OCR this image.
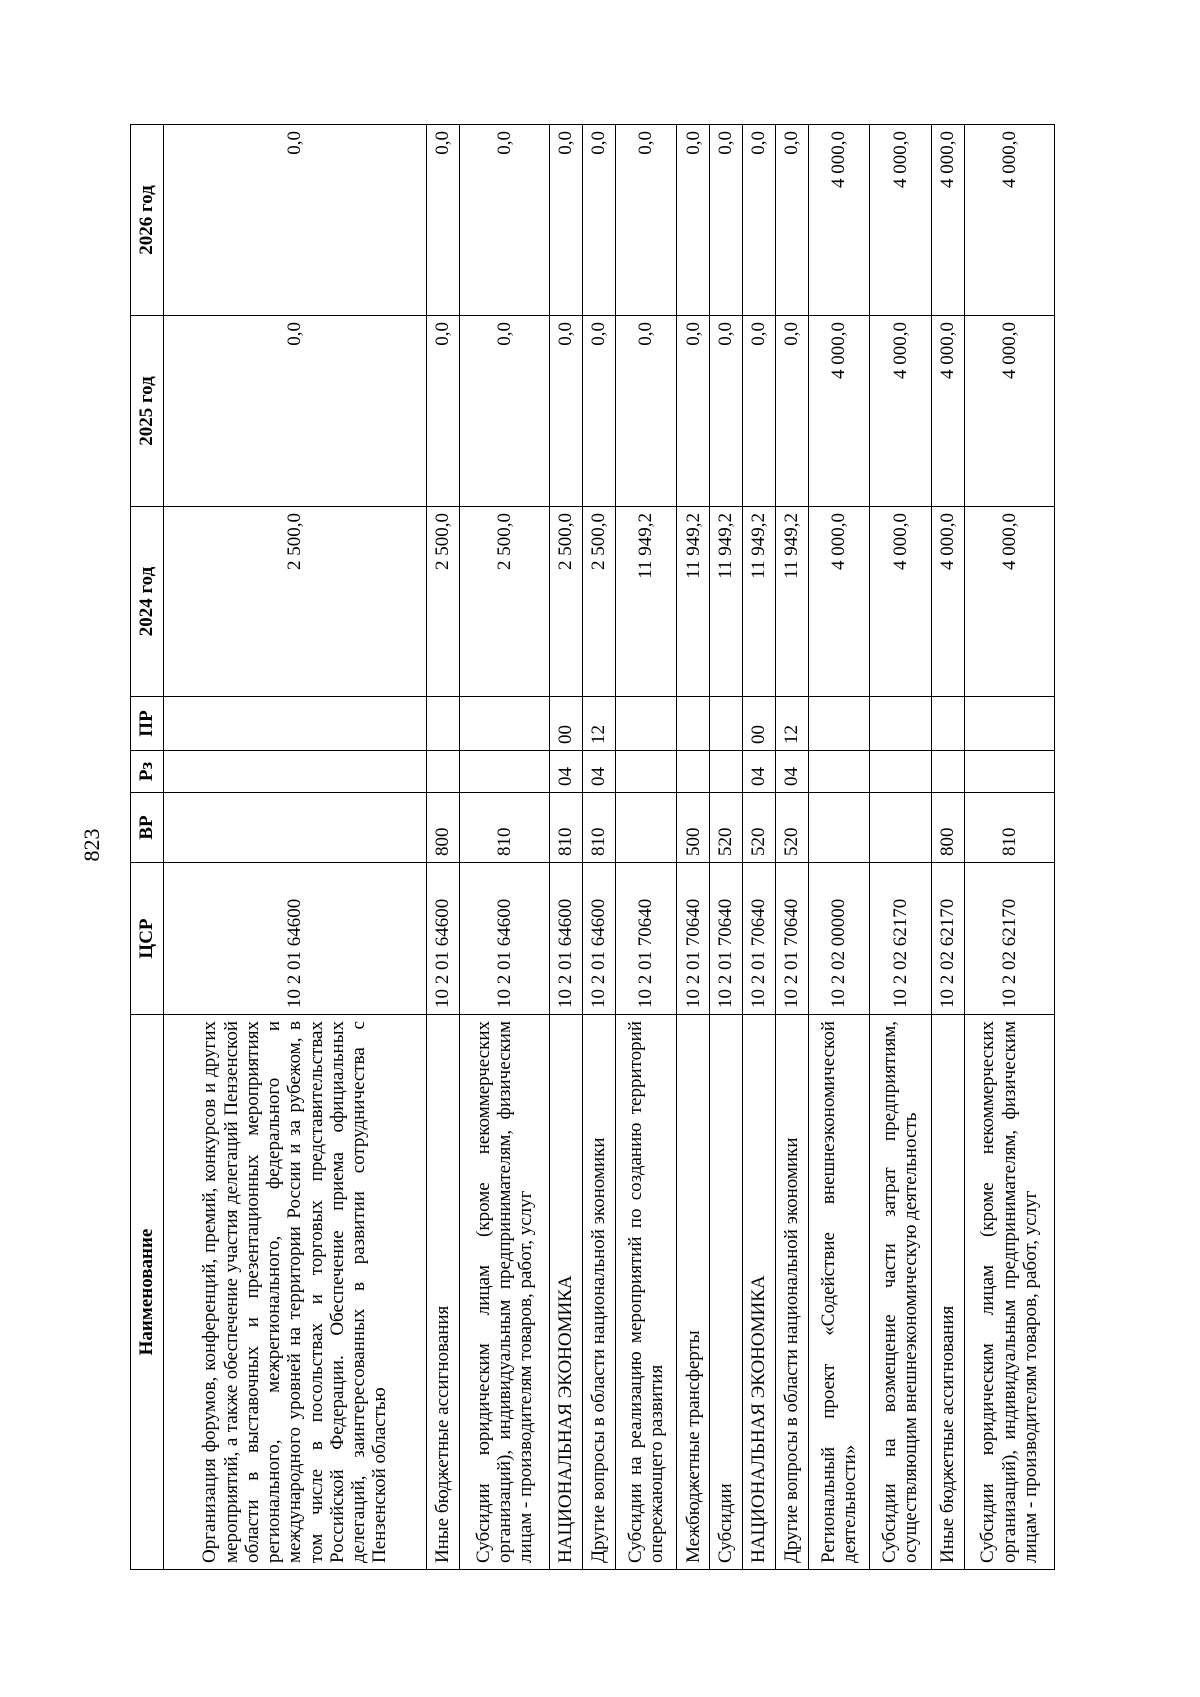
823
Наименование	ЦСР	ВР	Рз	ПР	2024 год	2025 год	2026 год
Организация форумов, конференций, премий, конкурсов и других мероприятий, а также обеспечение участия делегаций Пензенской области в выставочных и презентационных мероприятиях регионального, межрегионального, федерального и международного уровней на территории России и за рубежом, в том числе в посольствах и торговых представительствах Российской Федерации. Обеспечение приема официальных делегаций, заинтересованных в развитии сотрудничества с Пензенской областью	10 2 01 64600				2 500,0	0,0	0,0
Иные бюджетные ассигнования	10 2 01 64600	800			2 500,0	0,0	0,0
Субсидии юридическим лицам (кроме некоммерческих организаций), индивидуальным предпринимателям, физическим лицам - производителям товаров, работ, услуг	10 2 01 64600	810			2 500,0	0,0	0,0
НАЦИОНАЛЬНАЯ ЭКОНОМИКА	10 2 01 64600	810	04	00	2 500,0	0,0	0,0
Другие вопросы в области национальной экономики	10 2 01 64600	810	04	12	2 500,0	0,0	0,0
Субсидии на реализацию мероприятий по созданию территорий опережающего развития	10 2 01 70640				11 949,2	0,0	0,0
Межбюджетные трансферты	10 2 01 70640	500			11 949,2	0,0	0,0
Субсидии	10 2 01 70640	520			11 949,2	0,0	0,0
НАЦИОНАЛЬНАЯ ЭКОНОМИКА	10 2 01 70640	520	04	00	11 949,2	0,0	0,0
Другие вопросы в области национальной экономики	10 2 01 70640	520	04	12	11 949,2	0,0	0,0
Региональный проект «Содействие внешнеэкономической деятельности»	10 2 02 00000				4 000,0	4 000,0	4 000,0
Субсидии на возмещение части затрат предприятиям, осуществляющим внешнеэкономическую деятельность	10 2 02 62170				4 000,0	4 000,0	4 000,0
Иные бюджетные ассигнования	10 2 02 62170	800			4 000,0	4 000,0	4 000,0
Субсидии юридическим лицам (кроме некоммерческих организаций), индивидуальным предпринимателям, физическим лицам - производителям товаров, работ, услуг	10 2 02 62170	810			4 000,0	4 000,0	4 000,0
